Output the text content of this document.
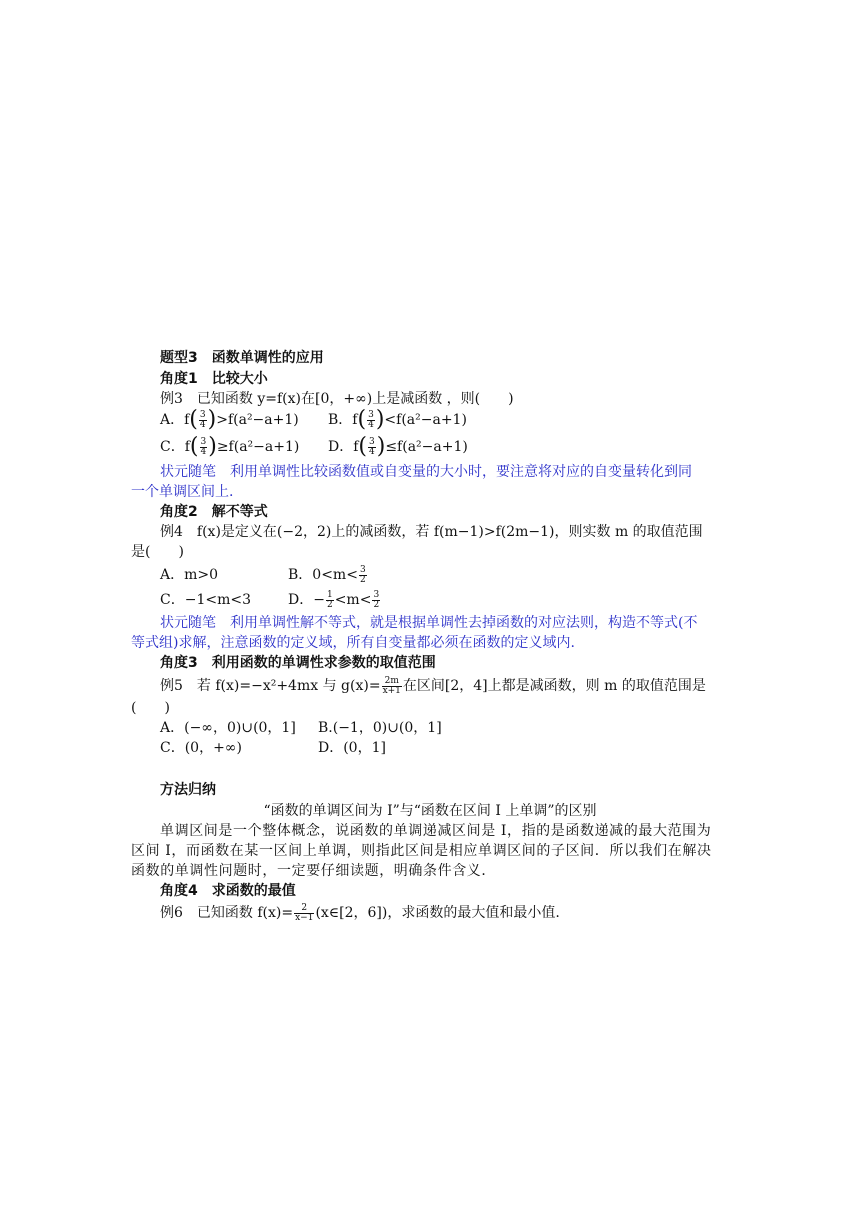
题型3　函数单调性的应用
角度1　比较大小
例3　已知函数 y=f(x)在[0，+∞)上是减函数 ，则(　　)
A．$f( \frac{3}{4} )>f(a^2-a+1)$ B．$f( \frac{3}{4} )<f(a^2-a+1)$
C．$f( \frac{3}{4} )\ge f(a^2-a+1)$ D．$f( \frac{3}{4} )\le f(a^2-a+1)$
状元随笔　利用单调性比较函数值或自变量的大小时，要注意将对应的自变量转化到同
一个单调区间上.
角度2　解不等式
例4　f(x)是定义在(−2，2)上的减函数，若 f(m−1)>f(2m−1)，则实数 m 的取值范围
是(　　)
A．m>0	B．$0<m< \frac{3}{2}$
C．−1<m<3	D．− $\frac{1}{2} <m< \frac{3}{2}$
状元随笔　利用单调性解不等式，就是根据单调性去掉函数的对应法则，构造不等式(不
等式组)求解，注意函数的定义域，所有自变量都必须在函数的定义域内.
角度3　利用函数的单调性求参数的取值范围
例5　若 f(x)=−x²+4mx 与 $g(x)= \frac{2m}{x+1}$ 在区间[2，4]上都是减函数，则 m 的取值范围是
(　　)
A．(−∞，0)∪(0，1] B.(−1，0)∪(0，1]
C．(0，+∞)	D．(0，1]
方法归纳
“函数的单调区间为 I”与“函数在区间 I 上单调”的区别
单调区间是一个整体概念，说函数的单调递减区间是 I，指的是函数递减的最大范围为
区间 I，而函数在某一区间上单调，则指此区间是相应单调区间的子区间．所以我们在解决
函数的单调性问题时，一定要仔细读题，明确条件含义．
角度4　求函数的最值
例6　已知函数 $f(x)= \frac{2}{x-1}$ (x∈[2，6])，求函数的最大值和最小值.
